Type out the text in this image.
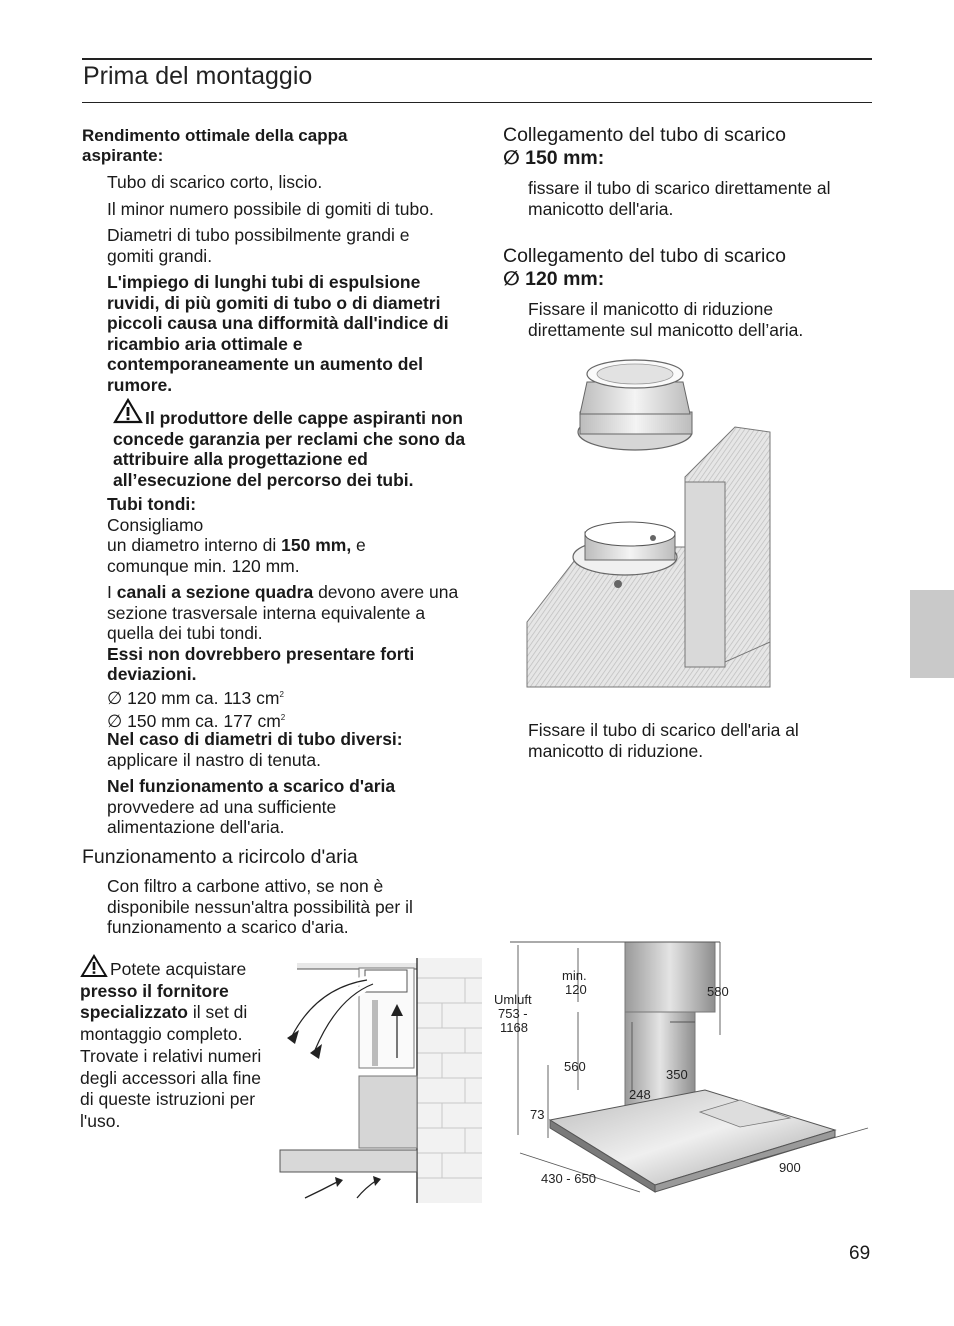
Prima del montaggio
Rendimento ottimale della cappa aspirante:
Tubo di scarico corto, liscio.
Il minor numero possibile di gomiti di tubo.
Diametri di tubo possibilmente grandi e gomiti grandi.
L'impiego di lunghi tubi di espulsione ruvidi, di più gomiti di tubo o di diametri piccoli causa una difformità dall'indice di ricambio aria ottimale e contemporaneamente un aumento del rumore.
Il produttore delle cappe aspiranti non concede garanzia per reclami che sono da attribuire alla progettazione ed all’esecuzione del percorso dei tubi.
Tubi tondi:
Consigliamo
un diametro interno di 150 mm, e
comunque min. 120 mm.
I canali a sezione quadra devono avere una sezione trasversale interna equivalente a quella dei tubi tondi.
Essi non dovrebbero presentare forti deviazioni.
∅ 120 mm ca. 113 $cm^2$
∅ 150 mm ca. 177 $cm^2$
Nel caso di diametri di tubo diversi:
applicare il nastro di tenuta.
Nel funzionamento a scarico d'aria
provvedere ad una sufficiente alimentazione dell'aria.
Funzionamento a ricircolo d'aria
Con filtro a carbone attivo, se non è disponibile nessun'altra possibilità per il funzionamento a scarico d'aria.
Potete acquistare presso il fornitore specializzato il set di montaggio completo. Trovate i relativi numeri degli accessori alla fine di queste istruzioni per l'uso.
Collegamento del tubo di scarico
∅ 150 mm:
fissare il tubo di scarico direttamente al manicotto dell'aria.
Collegamento del tubo di scarico
∅ 120 mm:
Fissare il manicotto di riduzione direttamente sul manicotto dell’aria.
Fissare il tubo di scarico dell'aria al manicotto di riduzione.
min.
120
Umluft
753 -
1168
580
560
350
248
73
900
430 - 650
69
